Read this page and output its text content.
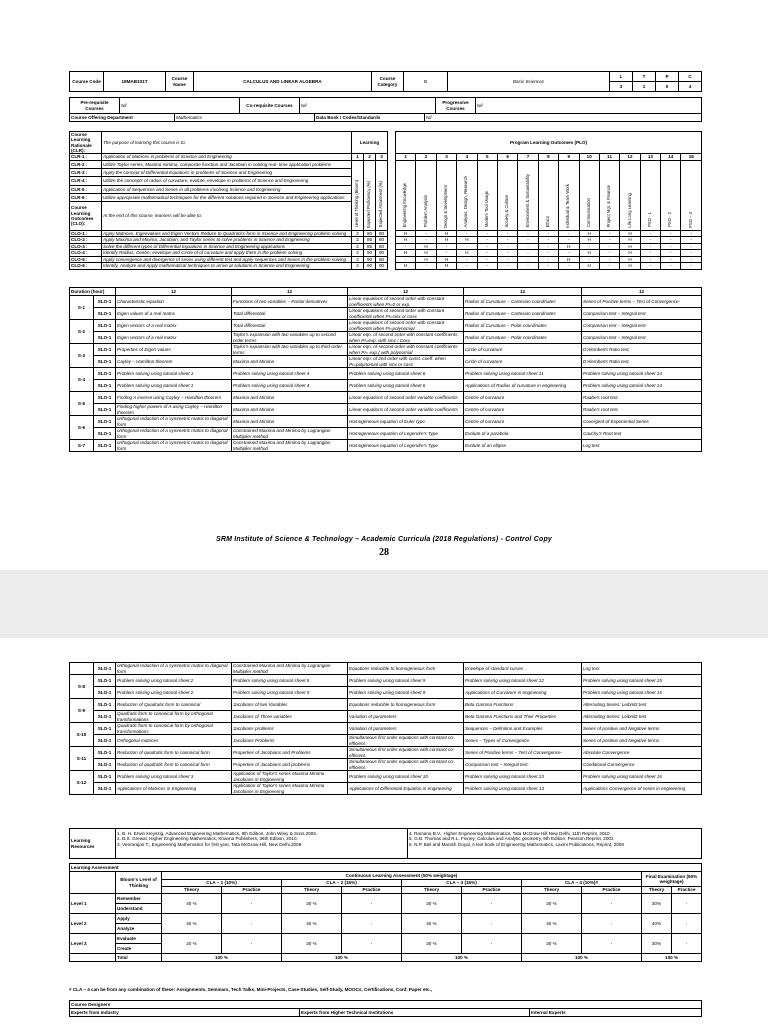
Course Code	18MAB101T	Course Name	CALCULUS AND LINEAR ALGEBRA	Course Category	B	Basic Sciences	L	T	P	C
							3	1	0	4
Pre-requisite Courses	Nil	Co-requisite Courses	Nil	Progressive Courses	Nil
Course Offering Department	Mathematics	Data Book / Codes/Standards	Nil
Course Learning Rationale (CLR):	The purpose of learning this course is to:	Learning				Program Learning Outcomes (PLO)														
CLR-1 :	Application of Matrices in problems of Science and Engineering	1	2	3		1	2	3	4	5	6	7	8	9	10	11	12	13	14	15
CLR-2 :	Utilize Taylor series, Maxima minima, composite function and Jacobian in solving real- time application problems	Level of Thinking (Bloom)	Expected Proficiency (%)	Expected Attainment (%)		Engineering Knowledge	Problem Analysis	Design & Development	Analysis, Design, Research	Modern Tool Usage	Society & Culture	Environment & Sustainability	Ethics	Individual & Team Work	Communication	Project Mgt. & Finance	Life Long Learning	PSO - 1	PSO - 2	PSO – 3
CLR-3 :	Apply the concept of Differential Equations in problems of Science and Engineering																			
CLR-4 :	Utilize the concepts of radius of curvature, evolute, envelope in problems of Science and Engineering																			
CLR-5 :	Application of Sequences and Series in all problems involving Science and Engineering																			
CLR-6 :	Utilize appropriate mathematical techniques for the different solutions required in Science and Engineering applications																			
Course Learning Outcomes (CLO):	At the end of this course, learners will be able to:																			
CLO-1 :	Apply Matrices, Eigenvalues and Eigen Vectors Reduce to Quadratics form in Science and Engineering problem solving	2	80	80		H	-	H	-	-	-	-	-	-	H	-	H	-	-	-
CLO-2 :	Apply Maxima and Minima, Jacobian, and Taylor series to solve problems in Science and Engineering	2	85	80		H	-	H	H	-	-	-	-	-	H	-	H	-	-	-
CLO-3 :	Solve the different types of Differential Equations in Science and Engineering applications	2	85	80		-	H	-	-	-	-	-	-	H	-	-	H	-	-	-
CLO-4 :	Identify Radius, Centre, envelope and Circle of of curvature and apply them in the problem solving	2	90	90		H	H	-	H	-	-	-	-	-	H	-	H	-	-	-
CLO-5 :	Apply convergence and divergence of series using different test and apply sequences and Series in the problem solving	2	90	80		-	H	H	-	-	-	-	-	H	-	-	H	-	-	-
CLO-6 :	Identify, Analyze and Apply mathematical techniques to arrive at solutions in Science and Engineering	2	90	90		H	-	H	-	-	-	-	-	-	H	-	H	-	-	-
Duration (hour)		12	12	12	12	12
S-1	SLO-1	Characteristic equation	Functions of two variables – Partial derivatives	Linear equations of second order with constant coefficients when PI=0 or exp.	Radius of Curvature – Cartesian coordinates	Series of Positive terms – Test of Convergence-
	SLO-1	Eigen values of a real matrix	Total differential	Linear equations of second order with constant coefficients when PI=sinx or cosx	Radius of Curvature – Cartesian coordinates	Comparison test – Integral test-
S-2	SLO-1	Eigen vectors of a real matrix	Total differential	Linear equations of second order with constant coefficients when PI=polynomial	Radius of Curvature – Polar coordinates	Comparison test – Integral test-
	SLO-1	Eigen vectors of a real matrix	Taylor's expansion with two variables up to second order terms	Linear eqn. of second order with constant coefficients when PI=exp. with sinx / Cosx	Radius of Curvature – Polar coordinates	Comparison test – Integral test-
S-3	SLO-1	Properties of Eigen values	Taylor's expansion with two variables up to third order terms	Linear eqn. of second order with constant coefficients when PI= exp.( with polynomial	Circle of curvature	D'Alemberts Ratio test,
	SLO-1	Cayley – Hamilton theorem	Maxima and Minima	Linear eqn. of 2nd order with const. coeff. when PI=polynomial with sinx or cosx	Circle of curvature	D'Alemberts Ratio test,
S-4	SLO-1	Problem solving using tutorial sheet 1	Problem solving using tutorial sheet 4	Problem solving using tutorial sheet 6	Problem solving using tutorial sheet 11	Problem solving using tutorial sheet 14
	SLO-1	Problem solving using tutorial sheet 1	Problem solving using tutorial sheet 4	Problem solving using tutorial sheet 6	Applications of Radius of curvature in engineering	Problem solving using tutorial sheet 14
S-5	SLO-1	Finding A inverse using Cayley – Hamilton theorem	Maxima and Minima	Linear equations of second order variable coefficients	Centre of curvature	Raabe's root test.
	SLO-1	Finding higher powers of A using Cayley – Hamilton theorem	Maxima and Minima	Linear equations of second order variable coefficients	Centre of curvature	Raabe's root test.
S-6	SLO-1	orthogonal reduction of a symmetric matrix to diagonal form	Maxima and Minima	Homogeneous equation of Euler type	Centre of curvature	Covergent of Exponential Series
	SLO-1	orthogonal reduction of a symmetric matrix to diagonal form	Constrained Maxima and Minima by Lagrangian Multiplier method	Homogeneous equation of Legendre's Type	Evolute of a parabola	Cauchy's Root test
S-7	SLO-1	orthogonal reduction of a symmetric matrix to diagonal form	Constrained Maxima and Minima by Lagrangian Multiplier method	Homogeneous equation of Legendre's Type	Evolute of an ellipse	Log test
SRM Institute of Science & Technology – Academic Curricula (2018 Regulations) - Control Copy
28
	SLO-1	orthogonal reduction of a symmetric matrix to diagonal form	Constrained Maxima and Minima by Lagrangian Multiplier method	Equations reducible to homogeneous form	Envelope of standard curves	Log test
S-8	SLO-1	Problem solving using tutorial sheet 2	Problem solving using tutorial sheet 5	Problem solving using tutorial sheet 9	Problem solving using tutorial sheet 12	Problem solving using tutorial sheet 15
	SLO-1	Problem solving using tutorial sheet 2	Problem solving using tutorial sheet 5	Problem solving using tutorial sheet 9	Applications of Curvature in engineering	Problem solving using tutorial sheet 15
S-9	SLO-1	Reduction of Quadratic form to canonical	Jacobians of two Variables	Equations reducible to homogeneous form	Beta Gamma Functions	Alternating Series: Leibnitz test
	SLO-1	Quadratic form to canonical form by orthogonal transformations	Jacobians of Three variables	Variation of parameters	Beta Gamma Functions and Their Properties	Alternating Series: Leibnitz test
S-10	SLO-1	Quadratic form to canonical form by orthogonal transformations	Jacobians problems	Variation of parameters	Sequences – Definition and Examples	Series of positive and Negative terms.
	SLO-1	Orthogonal matrices	Jacobians Problems	Simultaneous first order equations with constant co-efficient.	Series – Types of Convergence	Series of positive and Negative terms.
S-11	SLO-1	Reduction of quadratic form to canonical form	Properties of Jacobians and Problems	Simultaneous first order equations with constant co-efficient.	Series of Positive terms – Test of Convergence-	Absolute Convergence
	SLO-1	Reduction of quadratic form to canonical form	Properties of Jacobians and problems	Simultaneous first order equations with constant co-efficient.	Comparison test – Integral test-	Conditional Convergence
S-12	SLO-1	Problem solving using tutorial sheet 3	Application of Taylor's series Maxima Minima Jacobians in Engineering	Problem solving using tutorial sheet 10	Problem solving using tutorial sheet 13	Problem solving using tutorial sheet 16
	SLO-1	Applications of Matrices in Engineering	Application of Taylor's series Maxima Minima Jacobians in Engineering	Applications of Differential Equation in engineering	Problem solving using tutorial sheet 13	Applications Convergence of series in engineering
Learning Resources	
1. B. H. Erwin kreyszig, Advanced Engineering Mathematics, 9th Edition, John Wiley & Sons,2006.
2. B.S. Grewal, Higher Engineering Mathematics, Khanna Publishers, 36th Edition, 2010.
3. Veerarajan T., Engineering Mathematics for first year, Tata McGraw-Hill, New Delhi,2008.

4. Ramana B.V., Higher Engineering Mathematics, Tata McGraw Hill New Delhi, 11th Reprint, 2010
5. G.B. Thomas and R.L. Finney, Calculus and Analytic geometry, 9th Edition, Pearson,Reprint, 2002
6. N.P. Bali and Manish Goyal, A text book of Engineering Mathematics, Laxmi Publications, Reprint, 2008
Learning Assessment											
	Bloom's Level of Thinking	Continuous Learning Assessment (50% weightage)								Final Examination (50% weightage)	
		CLA – 1 (10%)		CLA – 2 (15%)		CLA – 3 (15%)		CLA – 4 (10%)#			
		Theory	Practice	Theory	Practice	Theory	Practice	Theory	Practice	Theory	Practice
Level 1	Remember	40 %	-	30 %	-	30 %	-	30 %	-	30%	-
	Understand										
Level 2	Apply	40 %	-	40 %	-	40 %	-	40 %	-	40%	-
	Analyze										
Level 3	Evaluate	20 %	-	30 %	-	30 %	-	30 %	-	30%	-
	Create										
	Total	100 %		100 %		100 %		100 %		100 %	
# CLA – 4 can be from any combination of these: Assignments, Seminars, Tech Talks, Mini-Projects, Case-Studies, Self-Study, MOOCs, Certifications, Conf. Paper etc.,
Course Designers
Experts from Industry	Experts from Higher Technical Institutions	Internal Experts
